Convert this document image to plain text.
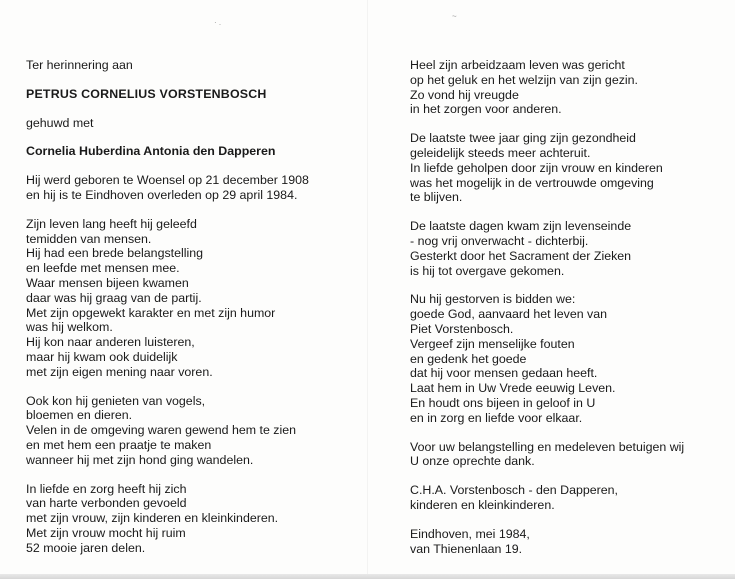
· .
~
Ter herinnering aan
PETRUS CORNELIUS VORSTENBOSCH
gehuwd met
Cornelia Huberdina Antonia den Dapperen
Hij werd geboren te Woensel op 21 december 1908
en hij is te Eindhoven overleden op 29 april 1984.
Zijn leven lang heeft hij geleefd
temidden van mensen.
Hij had een brede belangstelling
en leefde met mensen mee.
Waar mensen bijeen kwamen
daar was hij graag van de partij.
Met zijn opgewekt karakter en met zijn humor
was hij welkom.
Hij kon naar anderen luisteren,
maar hij kwam ook duidelijk
met zijn eigen mening naar voren.
Ook kon hij genieten van vogels,
bloemen en dieren.
Velen in de omgeving waren gewend hem te zien
en met hem een praatje te maken
wanneer hij met zijn hond ging wandelen.
In liefde en zorg heeft hij zich
van harte verbonden gevoeld
met zijn vrouw, zijn kinderen en kleinkinderen.
Met zijn vrouw mocht hij ruim
52 mooie jaren delen.
Heel zijn arbeidzaam leven was gericht
op het geluk en het welzijn van zijn gezin.
Zo vond hij vreugde
in het zorgen voor anderen.
De laatste twee jaar ging zijn gezondheid
geleidelijk steeds meer achteruit.
In liefde geholpen door zijn vrouw en kinderen
was het mogelijk in de vertrouwde omgeving
te blijven.
De laatste dagen kwam zijn levenseinde
- nog vrij onverwacht - dichterbij.
Gesterkt door het Sacrament der Zieken
is hij tot overgave gekomen.
Nu hij gestorven is bidden we:
goede God, aanvaard het leven van
Piet Vorstenbosch.
Vergeef zijn menselijke fouten
en gedenk het goede
dat hij voor mensen gedaan heeft.
Laat hem in Uw Vrede eeuwig Leven.
En houdt ons bijeen in geloof in U
en in zorg en liefde voor elkaar.
Voor uw belangstelling en medeleven betuigen wij
U onze oprechte dank.
C.H.A. Vorstenbosch - den Dapperen,
kinderen en kleinkinderen.
Eindhoven, mei 1984,
van Thienenlaan 19.
